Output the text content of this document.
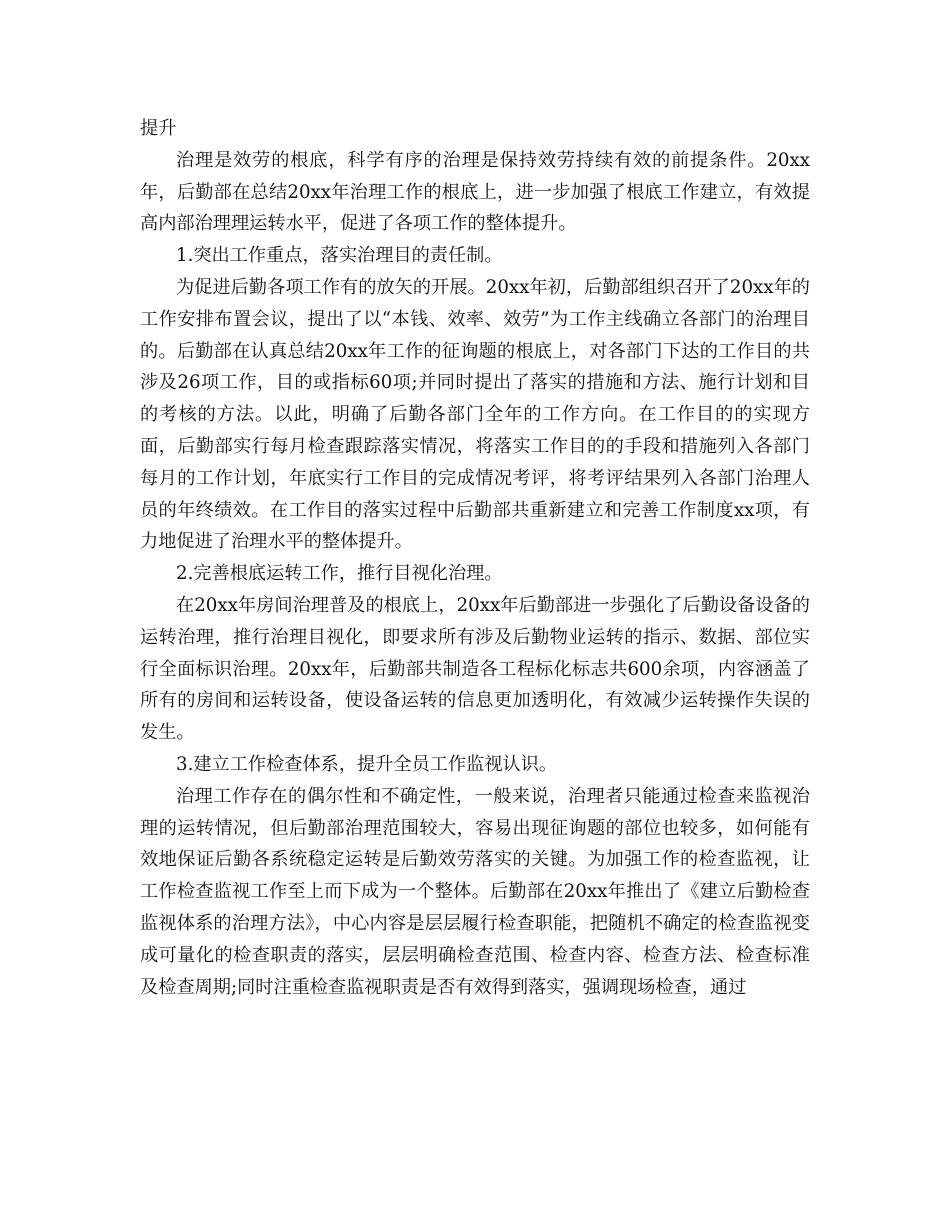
提升

治理是效劳的根底，科学有序的治理是保持效劳持续有效的前提条件。20xx年，后勤部在总结20xx年治理工作的根底上，进一步加强了根底工作建立，有效提高内部治理理运转水平，促进了各项工作的整体提升。

1.突出工作重点，落实治理目的责任制。

为促进后勤各项工作有的放矢的开展。20xx年初，后勤部组织召开了20xx年的工作安排布置会议，提出了以“本钱、效率、效劳”为工作主线确立各部门的治理目的。后勤部在认真总结20xx年工作的征询题的根底上，对各部门下达的工作目的共涉及26项工作，目的或指标60项;并同时提出了落实的措施和方法、施行计划和目的考核的方法。以此，明确了后勤各部门全年的工作方向。在工作目的的实现方面，后勤部实行每月检查跟踪落实情况，将落实工作目的的手段和措施列入各部门每月的工作计划，年底实行工作目的完成情况考评，将考评结果列入各部门治理人员的年终绩效。在工作目的落实过程中后勤部共重新建立和完善工作制度xx项，有力地促进了治理水平的整体提升。

2.完善根底运转工作，推行目视化治理。

在20xx年房间治理普及的根底上，20xx年后勤部进一步强化了后勤设备设备的运转治理，推行治理目视化，即要求所有涉及后勤物业运转的指示、数据、部位实行全面标识治理。20xx年，后勤部共制造各工程标化标志共600余项，内容涵盖了所有的房间和运转设备，使设备运转的信息更加透明化，有效减少运转操作失误的发生。

3.建立工作检查体系，提升全员工作监视认识。

治理工作存在的偶尔性和不确定性，一般来说，治理者只能通过检查来监视治理的运转情况，但后勤部治理范围较大，容易出现征询题的部位也较多，如何能有效地保证后勤各系统稳定运转是后勤效劳落实的关键。为加强工作的检查监视，让工作检查监视工作至上而下成为一个整体。后勤部在20xx年推出了《建立后勤检查监视体系的治理方法》，中心内容是层层履行检查职能，把随机不确定的检查监视变成可量化的检查职责的落实，层层明确检查范围、检查内容、检查方法、检查标准及检查周期;同时注重检查监视职责是否有效得到落实，强调现场检查，通过
